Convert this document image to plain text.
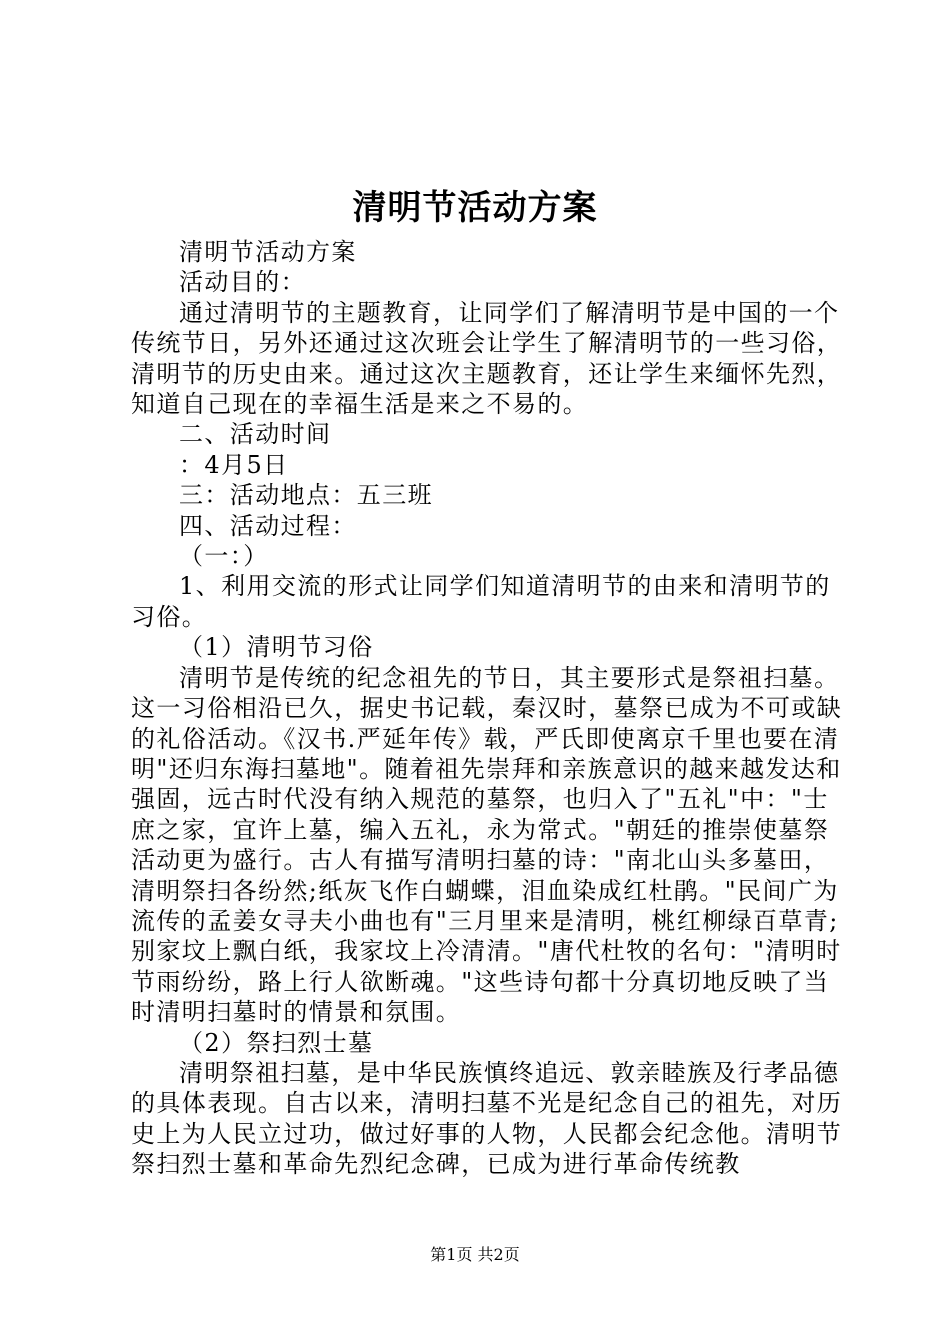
清明节活动方案

清明节活动方案

活动目的：

通过清明节的主题教育，让同学们了解清明节是中国的一个传统节日，另外还通过这次班会让学生了解清明节的一些习俗，清明节的历史由来。通过这次主题教育，还让学生来缅怀先烈，知道自己现在的幸福生活是来之不易的。

二、活动时间

：4月5日

三：活动地点：五三班

四、活动过程：

（一：）

1、利用交流的形式让同学们知道清明节的由来和清明节的习俗。

（1）清明节习俗

清明节是传统的纪念祖先的节日，其主要形式是祭祖扫墓。这一习俗相沿已久，据史书记载，秦汉时，墓祭已成为不可或缺的礼俗活动。《汉书.严延年传》载，严氏即使离京千里也要在清明"还归东海扫墓地"。随着祖先崇拜和亲族意识的越来越发达和强固，远古时代没有纳入规范的墓祭，也归入了"五礼"中："士庶之家，宜许上墓，编入五礼，永为常式。"朝廷的推崇使墓祭活动更为盛行。古人有描写清明扫墓的诗："南北山头多墓田，清明祭扫各纷然;纸灰飞作白蝴蝶，泪血染成红杜鹃。"民间广为流传的孟姜女寻夫小曲也有"三月里来是清明，桃红柳绿百草青;别家坟上飘白纸，我家坟上冷清清。"唐代杜牧的名句："清明时节雨纷纷，路上行人欲断魂。"这些诗句都十分真切地反映了当时清明扫墓时的情景和氛围。

（2）祭扫烈士墓

清明祭祖扫墓，是中华民族慎终追远、敦亲睦族及行孝品德的具体表现。自古以来，清明扫墓不光是纪念自己的祖先，对历史上为人民立过功，做过好事的人物，人民都会纪念他。清明节祭扫烈士墓和革命先烈纪念碑，已成为进行革命传统教

第1页 共2页
